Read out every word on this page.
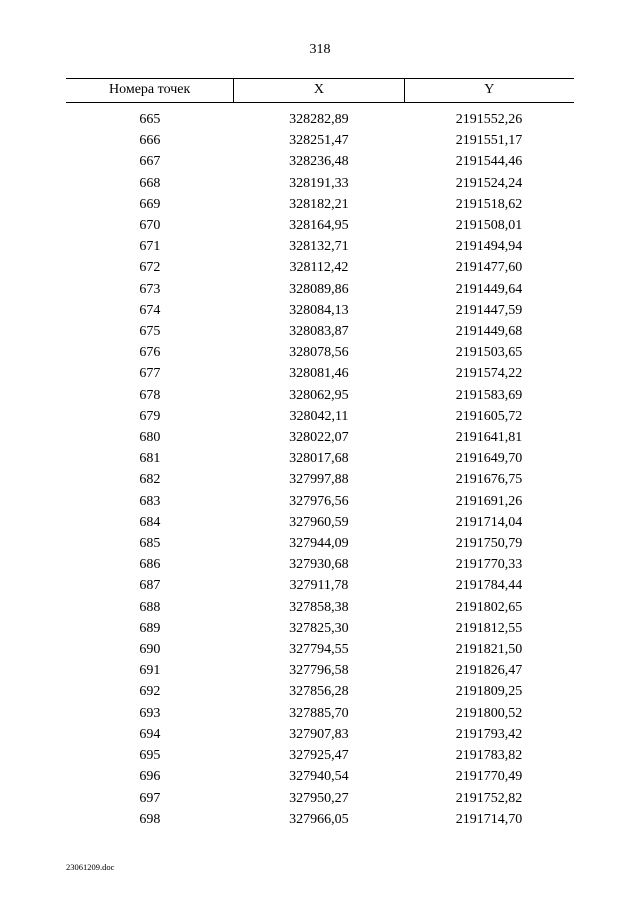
318
Номера точек	X	Y
665	328282,89	2191552,26
666	328251,47	2191551,17
667	328236,48	2191544,46
668	328191,33	2191524,24
669	328182,21	2191518,62
670	328164,95	2191508,01
671	328132,71	2191494,94
672	328112,42	2191477,60
673	328089,86	2191449,64
674	328084,13	2191447,59
675	328083,87	2191449,68
676	328078,56	2191503,65
677	328081,46	2191574,22
678	328062,95	2191583,69
679	328042,11	2191605,72
680	328022,07	2191641,81
681	328017,68	2191649,70
682	327997,88	2191676,75
683	327976,56	2191691,26
684	327960,59	2191714,04
685	327944,09	2191750,79
686	327930,68	2191770,33
687	327911,78	2191784,44
688	327858,38	2191802,65
689	327825,30	2191812,55
690	327794,55	2191821,50
691	327796,58	2191826,47
692	327856,28	2191809,25
693	327885,70	2191800,52
694	327907,83	2191793,42
695	327925,47	2191783,82
696	327940,54	2191770,49
697	327950,27	2191752,82
698	327966,05	2191714,70
23061209.doc
